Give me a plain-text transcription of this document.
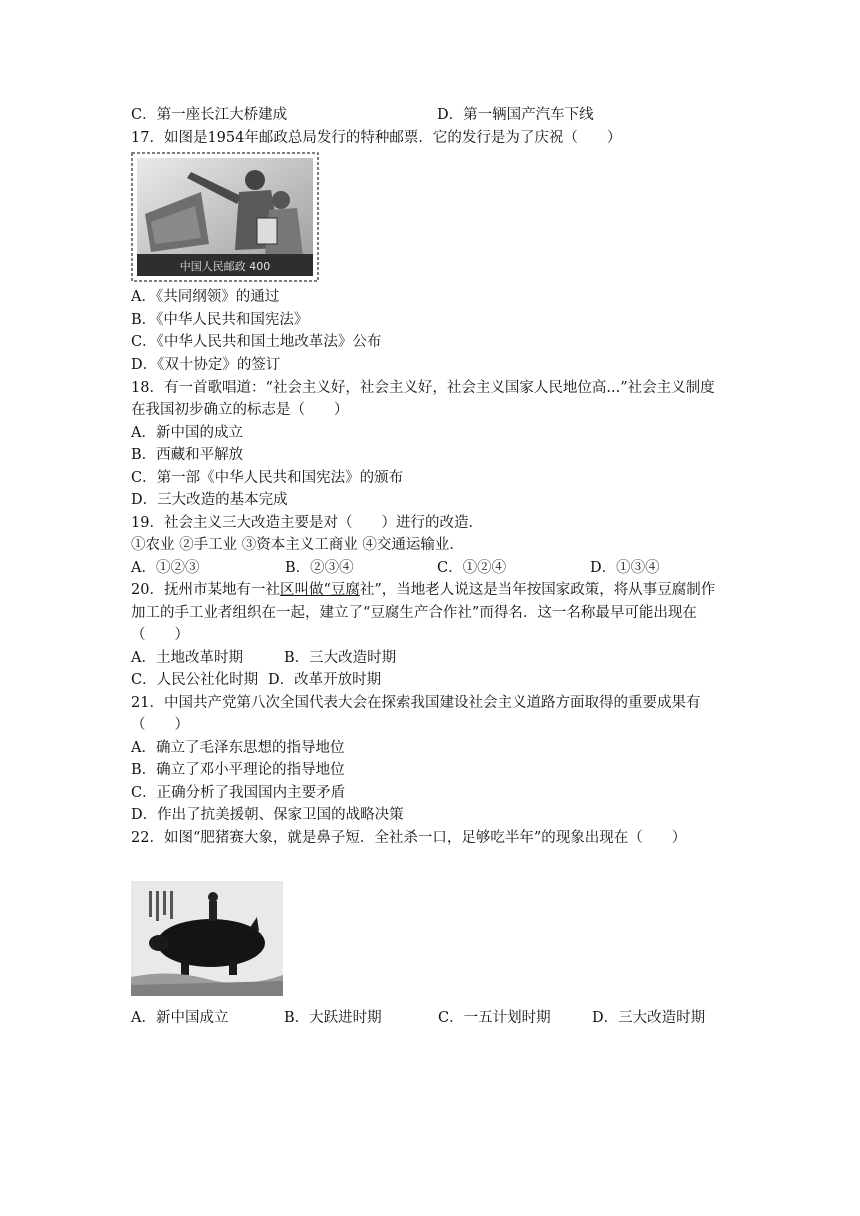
C．第一座长江大桥建成	D．第一辆国产汽车下线
17．如图是1954年邮政总局发行的特种邮票．它的发行是为了庆祝（　　）
中国人民邮政 400
A．《共同纲领》的通过
B．《中华人民共和国宪法》
C．《中华人民共和国土地改革法》公布
D．《双十协定》的签订
18．有一首歌唱道：“社会主义好，社会主义好，社会主义国家人民地位高...”社会主义制度
在我国初步确立的标志是（　　）
A．新中国的成立
B．西藏和平解放
C．第一部《中华人民共和国宪法》的颁布
D．三大改造的基本完成
19．社会主义三大改造主要是对（　　）进行的改造．
①农业 ②手工业 ③资本主义工商业 ④交通运输业．
A．①②③	B．②③④	C．①②④	D．①③④
20．抚州市某地有一社区叫做“豆腐社”，当地老人说这是当年按国家政策，将从事豆腐制作
加工的手工业者组织在一起，建立了“豆腐生产合作社”而得名．这一名称最早可能出现在
（　　）
A．土地改革时期	B．三大改造时期
C．人民公社化时期 D．改革开放时期
21．中国共产党第八次全国代表大会在探索我国建设社会主义道路方面取得的重要成果有
（　　）
A．确立了毛泽东思想的指导地位
B．确立了邓小平理论的指导地位
C．正确分析了我国国内主要矛盾
D．作出了抗美援朝、保家卫国的战略决策
22．如图“肥猪赛大象，就是鼻子短．全社杀一口，足够吃半年”的现象出现在（　　）
A．新中国成立	B．大跃进时期	C．一五计划时期	D．三大改造时期
